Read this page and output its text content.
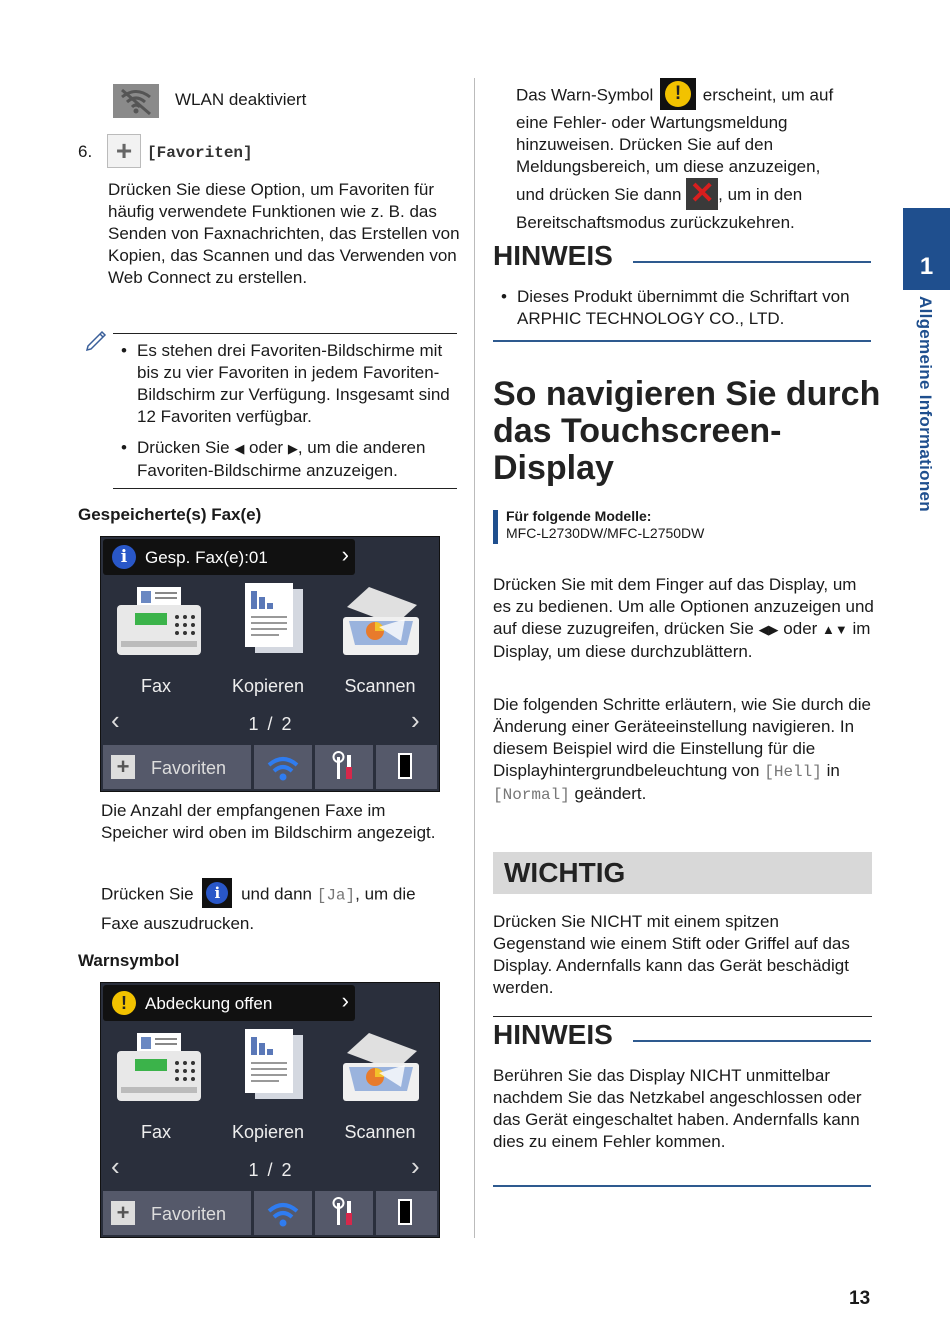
WLAN deaktiviert
6. + [Favoriten]
Drücken Sie diese Option, um Favoriten für häufig verwendete Funktionen wie z. B. das Senden von Faxnachrichten, das Erstellen von Kopien, das Scannen und das Verwenden von Web Connect zu erstellen.
• Es stehen drei Favoriten-Bildschirme mit bis zu vier Favoriten in jedem Favoriten-Bildschirm zur Verfügung. Insgesamt sind 12 Favoriten verfügbar.
• Drücken Sie ◀ oder ▶, um die anderen Favoriten-Bildschirme anzuzeigen.
Gespeicherte(s) Fax(e)
i	Gesp. Fax(e):01	›
Fax	Kopieren	Scannen
‹	1 / 2	›
+	Favoriten
Die Anzahl der empfangenen Faxe im Speicher wird oben im Bildschirm angezeigt.
Drücken Sie	i	und dann [Ja], um die
Faxe auszudrucken.
Warnsymbol
!	Abdeckung offen	›
Fax	Kopieren	Scannen
‹	1 / 2	›
+	Favoriten
Das Warn-Symbol	!	erscheint, um auf
eine Fehler- oder Wartungsmeldung hinzuweisen. Drücken Sie auf den Meldungsbereich, um diese anzuzeigen,
und drücken Sie dann ✕ , um in den
Bereitschaftsmodus zurückzukehren.
HINWEIS
• Dieses Produkt übernimmt die Schriftart von ARPHIC TECHNOLOGY CO., LTD.
So navigieren Sie durch das Touchscreen-Display
Für folgende Modelle:
MFC-L2730DW/MFC-L2750DW
Drücken Sie mit dem Finger auf das Display, um es zu bedienen. Um alle Optionen anzuzeigen und auf diese zuzugreifen, drücken Sie ◀▶ oder ▲▼ im Display, um diese durchzublättern.
Die folgenden Schritte erläutern, wie Sie durch die Änderung einer Geräteeinstellung navigieren. In diesem Beispiel wird die Einstellung für die Displayhintergrundbeleuchtung von [Hell] in [Normal] geändert.
WICHTIG
Drücken Sie NICHT mit einem spitzen Gegenstand wie einem Stift oder Griffel auf das Display. Andernfalls kann das Gerät beschädigt werden.
HINWEIS
Berühren Sie das Display NICHT unmittelbar nachdem Sie das Netzkabel angeschlossen oder das Gerät eingeschaltet haben. Andernfalls kann dies zu einem Fehler kommen.
1
Allgemeine Informationen
13
